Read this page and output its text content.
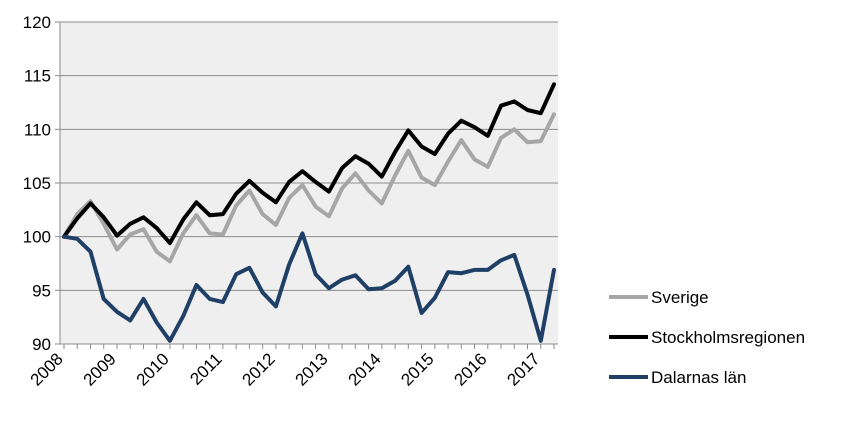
90
95
100
105
110
115
120
2008 2009 2010 2011 2012 2013 2014 2015 2016 2017
Sverige
Stockholmsregionen
Dalarnas län
